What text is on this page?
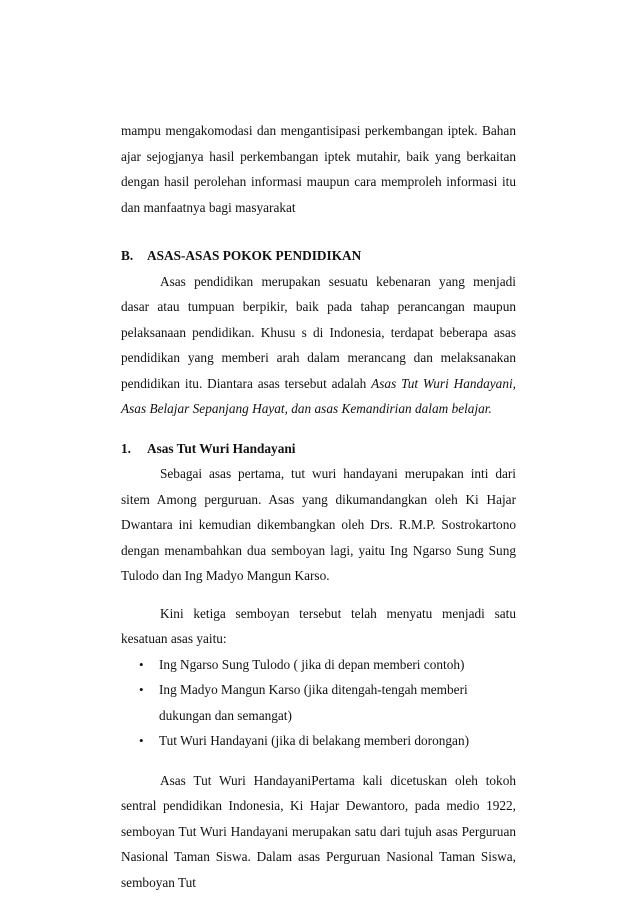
mampu mengakomodasi dan mengantisipasi perkembangan iptek. Bahan ajar sejogjanya hasil perkembangan iptek mutahir, baik yang berkaitan dengan hasil perolehan informasi maupun cara memproleh informasi itu dan manfaatnya bagi masyarakat

B.	ASAS-ASAS POKOK PENDIDIKAN

Asas pendidikan merupakan sesuatu kebenaran yang menjadi dasar atau tumpuan berpikir, baik pada tahap perancangan maupun pelaksanaan pendidikan. Khusu s di Indonesia, terdapat beberapa asas pendidikan yang memberi arah dalam merancang dan melaksanakan pendidikan itu. Diantara asas tersebut adalah Asas Tut Wuri Handayani, Asas Belajar Sepanjang Hayat, dan asas Kemandirian dalam belajar.

1.	Asas Tut Wuri Handayani

Sebagai asas pertama, tut wuri handayani merupakan inti dari sitem Among perguruan. Asas yang dikumandangkan oleh Ki Hajar Dwantara ini kemudian dikembangkan oleh Drs. R.M.P. Sostrokartono dengan menambahkan dua semboyan lagi, yaitu Ing Ngarso Sung Sung Tulodo dan Ing Madyo Mangun Karso.

Kini ketiga semboyan tersebut telah menyatu menjadi satu kesatuan asas yaitu:

• Ing Ngarso Sung Tulodo ( jika di depan memberi contoh)
• Ing Madyo Mangun Karso (jika ditengah-tengah memberi dukungan dan semangat)
• Tut Wuri Handayani (jika di belakang memberi dorongan)

Asas Tut Wuri HandayaniPertama kali dicetuskan oleh tokoh sentral pendidikan Indonesia, Ki Hajar Dewantoro, pada medio 1922, semboyan Tut Wuri Handayani merupakan satu dari tujuh asas Perguruan Nasional Taman Siswa. Dalam asas Perguruan Nasional Taman Siswa, semboyan Tut
